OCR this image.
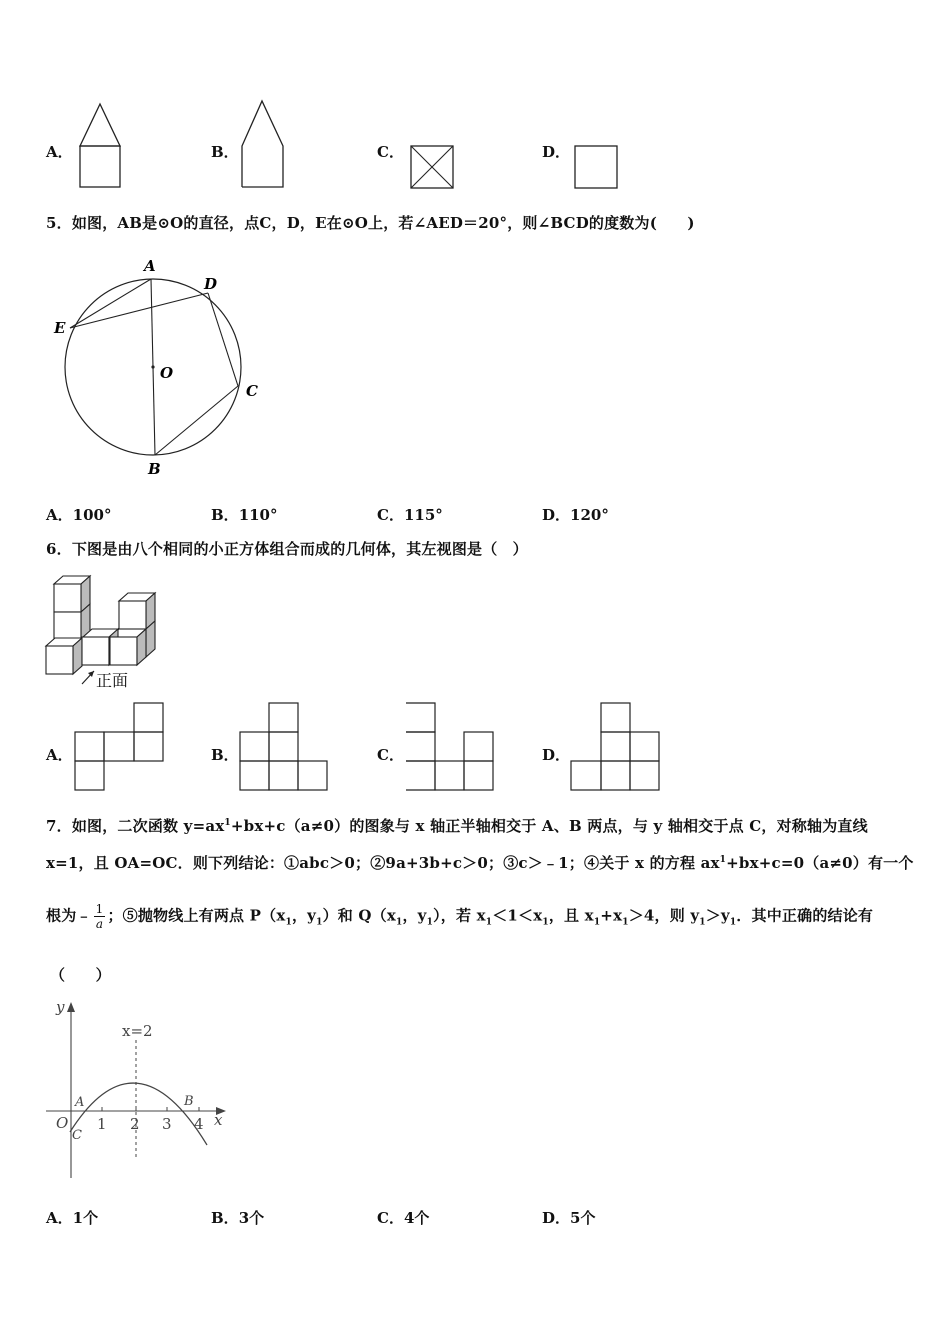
A．	B．	C．	D．
5．如图，AB是⊙O的直径，点C，D，E在⊙O上，若∠AED＝20°，则∠BCD的度数为(　　)
A
D
E
O
C
B
A．100°	B．110°	C．115°	D．120°
6．下图是由八个相同的小正方体组合而成的几何体，其左视图是（　）
正面
A．	B．	C．	D．
7．如图，二次函数 $y=ax^1+bx+c(a\ne 0)$的图象与 x 轴正半轴相交于 A、B 两点，与 y 轴相交于点 C，对称轴为直线
x=1，且 OA=OC．则下列结论：①abc＞0；②9a+3b+c＞0；③c＞﹣1；④关于 x 的方程 $ax^1+bx+c=0(a\ne 0)$有一个
根为﹣ $\frac{1}{a}$ ；⑤抛物线上有两点 $P(x_1$，$y_1$）和 $Q(x_1$，$y_1$），若 $x_1<1<x_1$，且 $x_1+x_1>4$，则 $y_1>y_1$．其中正确的结论有
（　　）
y
x
x=2
O
A	B
C
1 2 3 4
A．1个	B．3个	C．4个	D．5个
